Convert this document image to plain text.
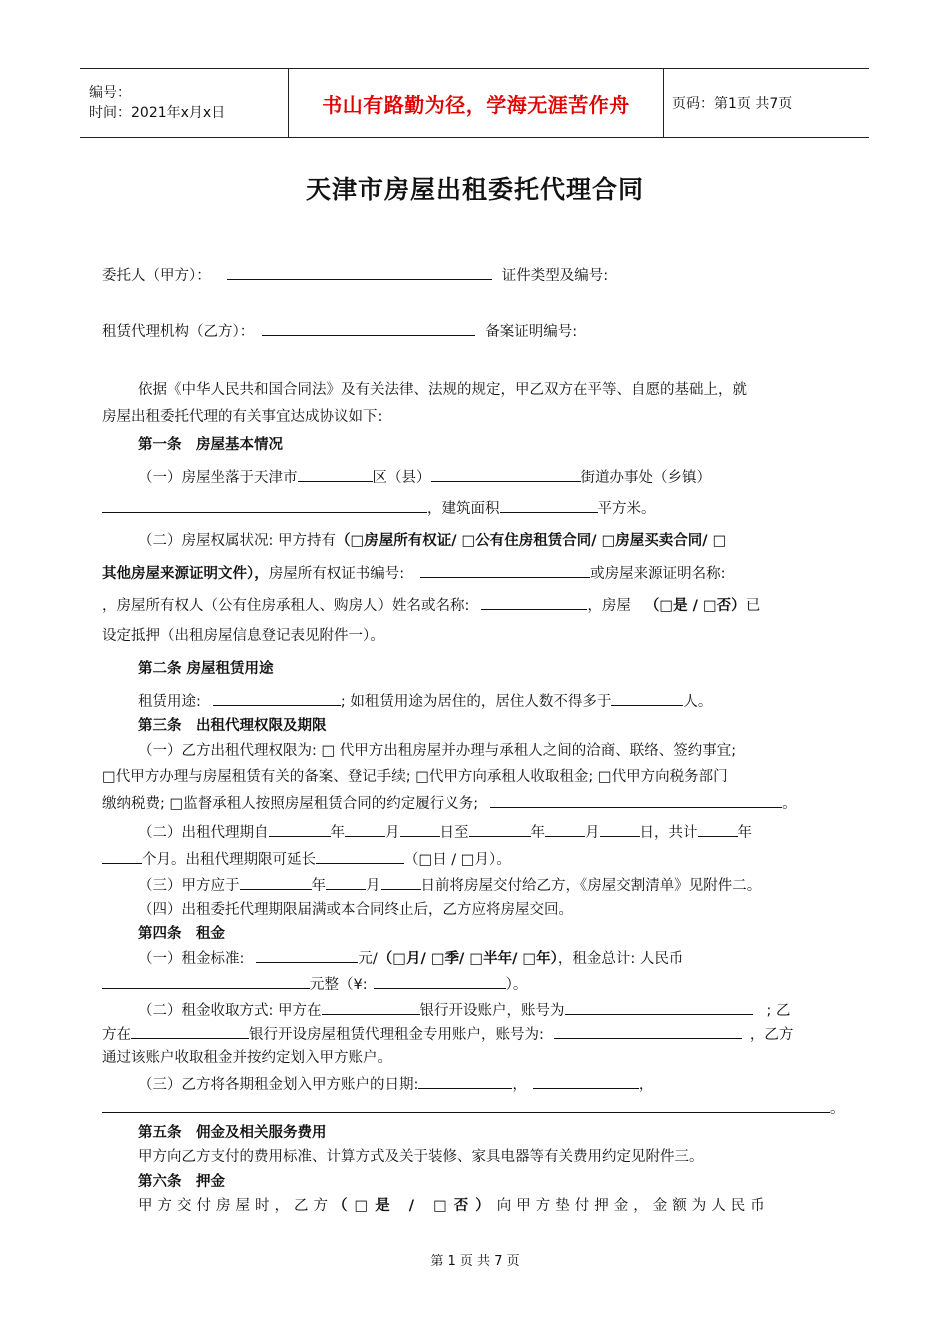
编号：
时间：2021年x月x日	书山有路勤为径，学海无涯苦作舟	页码：第1页 共7页
天津市房屋出租委托代理合同
委托人（甲方）：	证件类型及编号:
租赁代理机构（乙方）：	备案证明编号:
依据《中华人民共和国合同法》及有关法律、法规的规定，甲乙双方在平等、自愿的基础上，就
房屋出租委托代理的有关事宜达成协议如下:
第一条　房屋基本情况
（一）房屋坐落于天津市	区（县）	街道办事处（乡镇）
，建筑面积	平方米。
（二）房屋权属状况: 甲方持有（□房屋所有权证/ □公有住房租赁合同/ □房屋买卖合同/ □
其他房屋来源证明文件），房屋所有权证书编号:	或房屋来源证明名称:
，房屋所有权人（公有住房承租人、购房人）姓名或名称:	，房屋 （□是 / □否）已
设定抵押（出租房屋信息登记表见附件一）。
第二条 房屋租赁用途
租赁用途:	; 如租赁用途为居住的，居住人数不得多于	人。
第三条　出租代理权限及期限
（一）乙方出租代理权限为: □ 代甲方出租房屋并办理与承租人之间的洽商、联络、签约事宜;
□代甲方办理与房屋租赁有关的备案、登记手续; □代甲方向承租人收取租金; □代甲方向税务部门
缴纳税费; □监督承租人按照房屋租赁合同的约定履行义务;	。
（二）出租代理期自	年	月	日至	年	月	日，共计	年
个月。出租代理期限可延长	（□日 / □月）。
（三）甲方应于	年	月	日前将房屋交付给乙方，《房屋交割清单》见附件二。
（四）出租委托代理期限届满或本合同终止后，乙方应将房屋交回。
第四条　租金
（一）租金标准:	元/（□月/ □季/ □半年/ □年），租金总计: 人民币
元整（¥:	）。
（二）租金收取方式: 甲方在	银行开设账户，账号为	; 乙
方在	银行开设房屋租赁代理租金专用账户，账号为:	，乙方
通过该账户收取租金并按约定划入甲方账户。
（三）乙方将各期租金划入甲方账户的日期:	，	，
。
第五条　佣金及相关服务费用
甲方向乙方支付的费用标准、计算方式及关于装修、家具电器等有关费用约定见附件三。
第六条　押金
甲方交付房屋时，乙方（□是 / □否）向甲方垫付押金，金额为人民币
第 1 页 共 7 页
